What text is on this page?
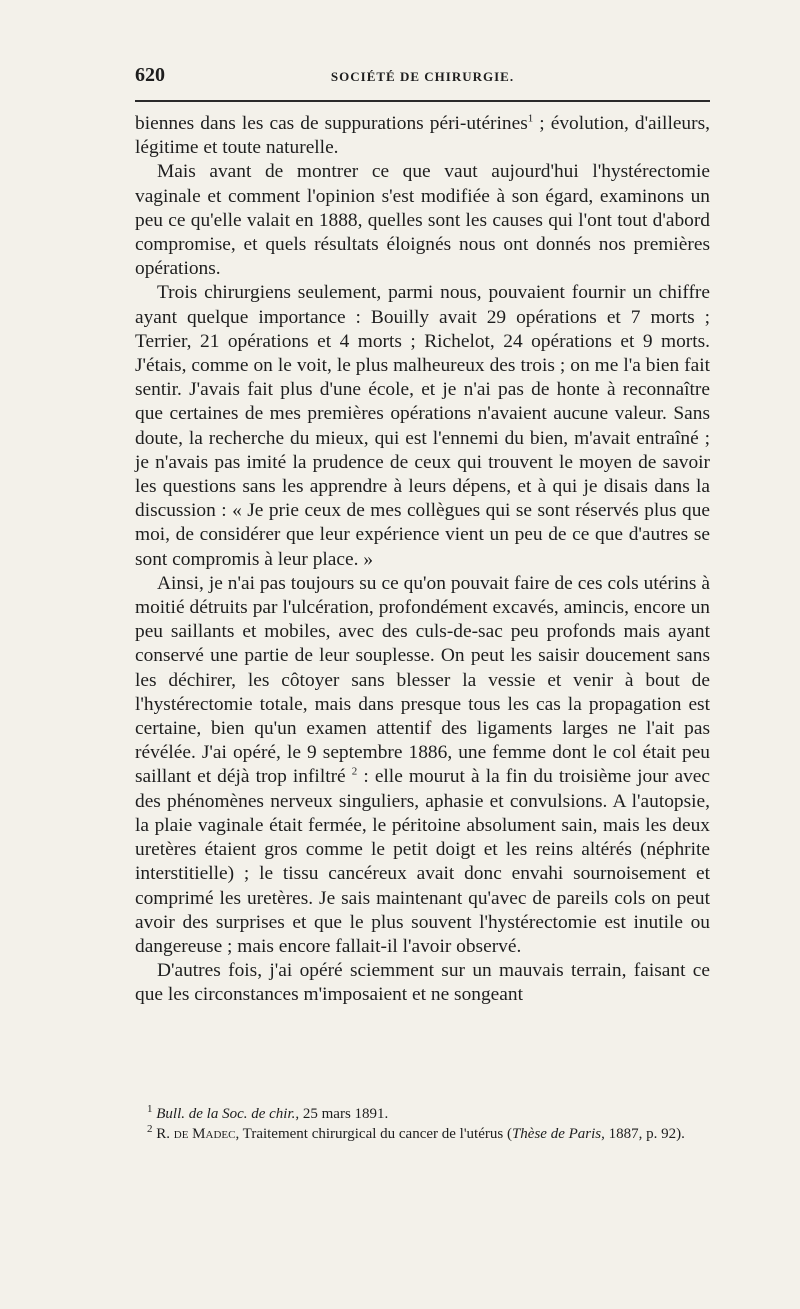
620	SOCIÉTÉ DE CHIRURGIE.

biennes dans les cas de suppurations péri-utérines$^1$ ; évolution, d'ailleurs, légitime et toute naturelle.

Mais avant de montrer ce que vaut aujourd'hui l'hystérectomie vaginale et comment l'opinion s'est modifiée à son égard, examinons un peu ce qu'elle valait en 1888, quelles sont les causes qui l'ont tout d'abord compromise, et quels résultats éloignés nous ont donnés nos premières opérations.

Trois chirurgiens seulement, parmi nous, pouvaient fournir un chiffre ayant quelque importance : Bouilly avait 29 opérations et 7 morts ; Terrier, 21 opérations et 4 morts ; Richelot, 24 opérations et 9 morts. J'étais, comme on le voit, le plus malheureux des trois ; on me l'a bien fait sentir. J'avais fait plus d'une école, et je n'ai pas de honte à reconnaître que certaines de mes premières opérations n'avaient aucune valeur. Sans doute, la recherche du mieux, qui est l'ennemi du bien, m'avait entraîné ; je n'avais pas imité la prudence de ceux qui trouvent le moyen de savoir les questions sans les apprendre à leurs dépens, et à qui je disais dans la discussion : « Je prie ceux de mes collègues qui se sont réservés plus que moi, de considérer que leur expérience vient un peu de ce que d'autres se sont compromis à leur place. »

Ainsi, je n'ai pas toujours su ce qu'on pouvait faire de ces cols utérins à moitié détruits par l'ulcération, profondément excavés, amincis, encore un peu saillants et mobiles, avec des culs-de-sac peu profonds mais ayant conservé une partie de leur souplesse. On peut les saisir doucement sans les déchirer, les côtoyer sans blesser la vessie et venir à bout de l'hystérectomie totale, mais dans presque tous les cas la propagation est certaine, bien qu'un examen attentif des ligaments larges ne l'ait pas révélée. J'ai opéré, le 9 septembre 1886, une femme dont le col était peu saillant et déjà trop infiltré $^2$ : elle mourut à la fin du troisième jour avec des phénomènes nerveux singuliers, aphasie et convulsions. A l'autopsie, la plaie vaginale était fermée, le péritoine absolument sain, mais les deux uretères étaient gros comme le petit doigt et les reins altérés (néphrite interstitielle) ; le tissu cancéreux avait donc envahi sournoisement et comprimé les uretères. Je sais maintenant qu'avec de pareils cols on peut avoir des surprises et que le plus souvent l'hystérectomie est inutile ou dangereuse ; mais encore fallait-il l'avoir observé.

D'autres fois, j'ai opéré sciemment sur un mauvais terrain, faisant ce que les circonstances m'imposaient et ne songeant

$^1$ Bull. de la Soc. de chir., 25 mars 1891.

$^2$ R. de Madec, Traitement chirurgical du cancer de l'utérus (Thèse de Paris, 1887, p. 92).
